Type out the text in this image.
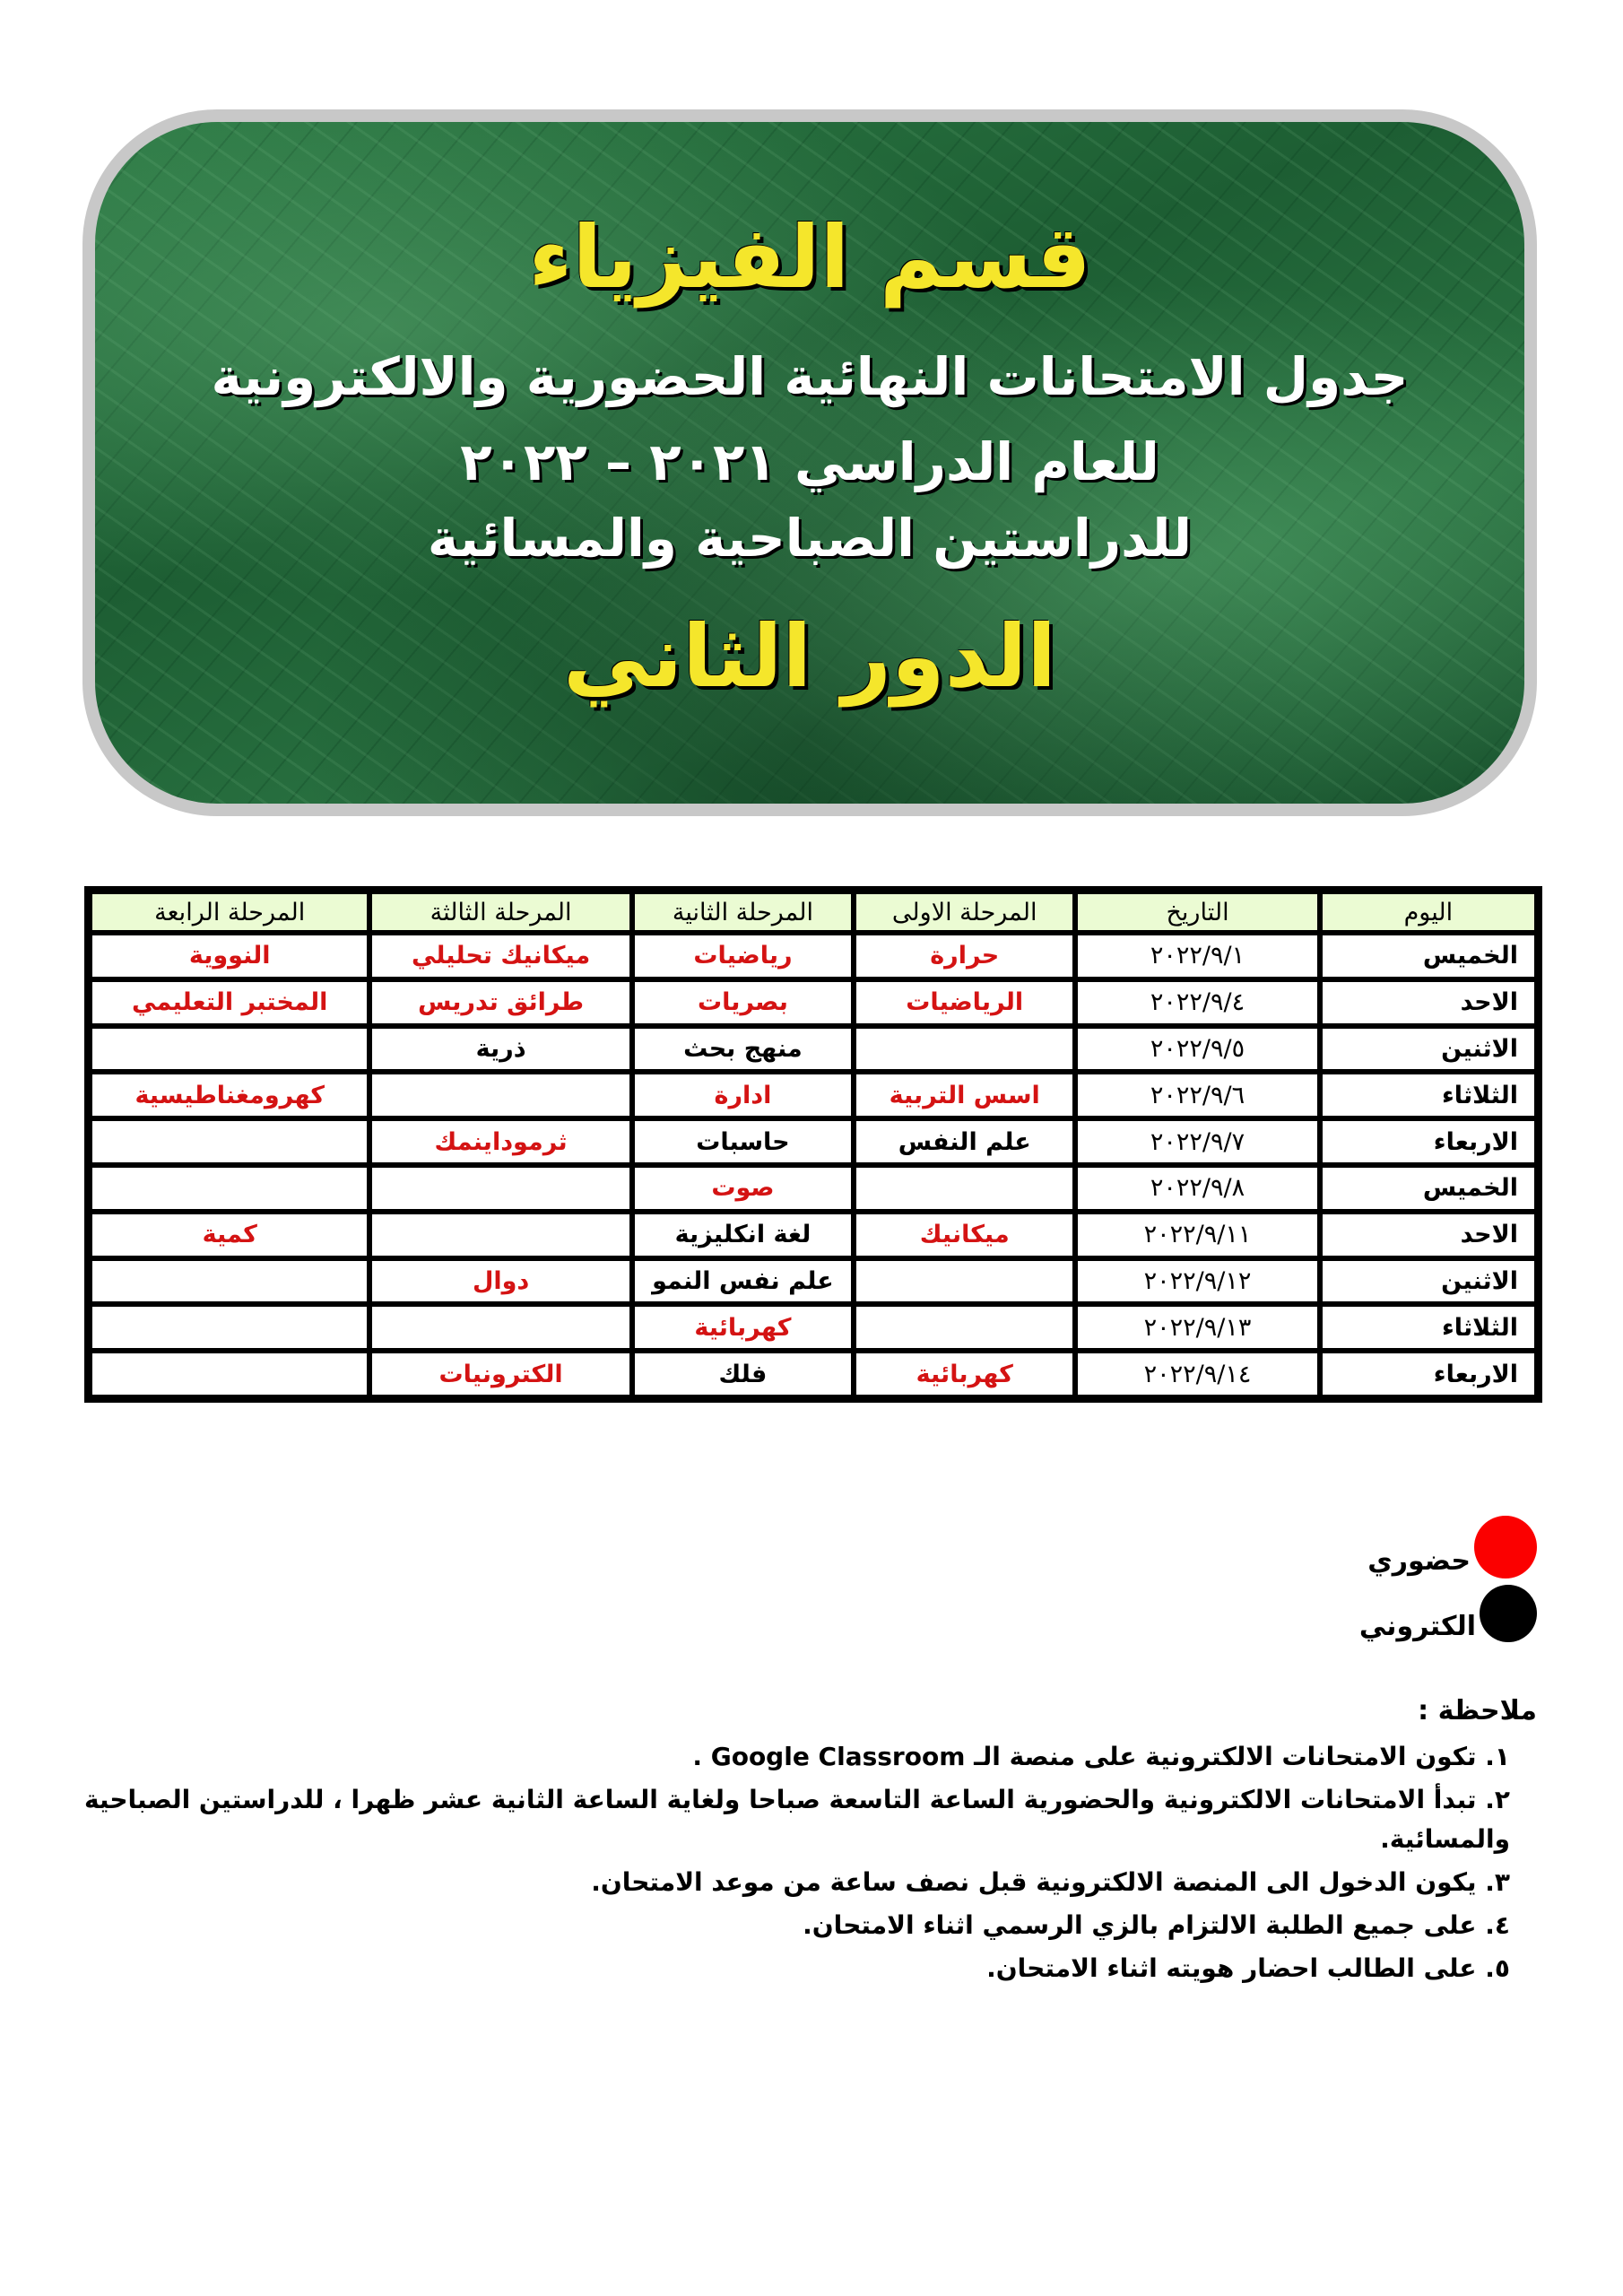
قسم الفيزياء
جدول الامتحانات النهائية الحضورية والالكترونية
للعام الدراسي ٢٠٢١ – ٢٠٢٢
للدراستين الصباحية والمسائية
الدور الثاني
اليوم	التاريخ	المرحلة الاولى	المرحلة الثانية	المرحلة الثالثة	المرحلة الرابعة
الخميس	٢٠٢٢/٩/١	حرارة	رياضيات	ميكانيك تحليلي	النووية
الاحد	٢٠٢٢/٩/٤	الرياضيات	بصريات	طرائق تدريس	المختبر التعليمي
الاثنين	٢٠٢٢/٩/٥		منهج بحث	ذرية	
الثلاثاء	٢٠٢٢/٩/٦	اسس التربية	ادارة		كهرومغناطيسية
الاربعاء	٢٠٢٢/٩/٧	علم النفس	حاسبات	ثرموداينمك	
الخميس	٢٠٢٢/٩/٨		صوت		
الاحد	٢٠٢٢/٩/١١	ميكانيك	لغة انكليزية		كمية
الاثنين	٢٠٢٢/٩/١٢		علم نفس النمو	دوال	
الثلاثاء	٢٠٢٢/٩/١٣		كهربائية		
الاربعاء	٢٠٢٢/٩/١٤	كهربائية	فلك	الكترونيات	
حضوري
الكتروني
ملاحظة :
١. تكون الامتحانات الالكترونية على منصة الـ Google Classroom .
٢. تبدأ الامتحانات الالكترونية والحضورية الساعة التاسعة صباحا ولغاية الساعة الثانية عشر ظهرا ، للدراستين الصباحية والمسائية.
٣. يكون الدخول الى المنصة الالكترونية قبل نصف ساعة من موعد الامتحان.
٤. على جميع الطلبة الالتزام بالزي الرسمي اثناء الامتحان.
٥. على الطالب احضار هويته اثناء الامتحان.
